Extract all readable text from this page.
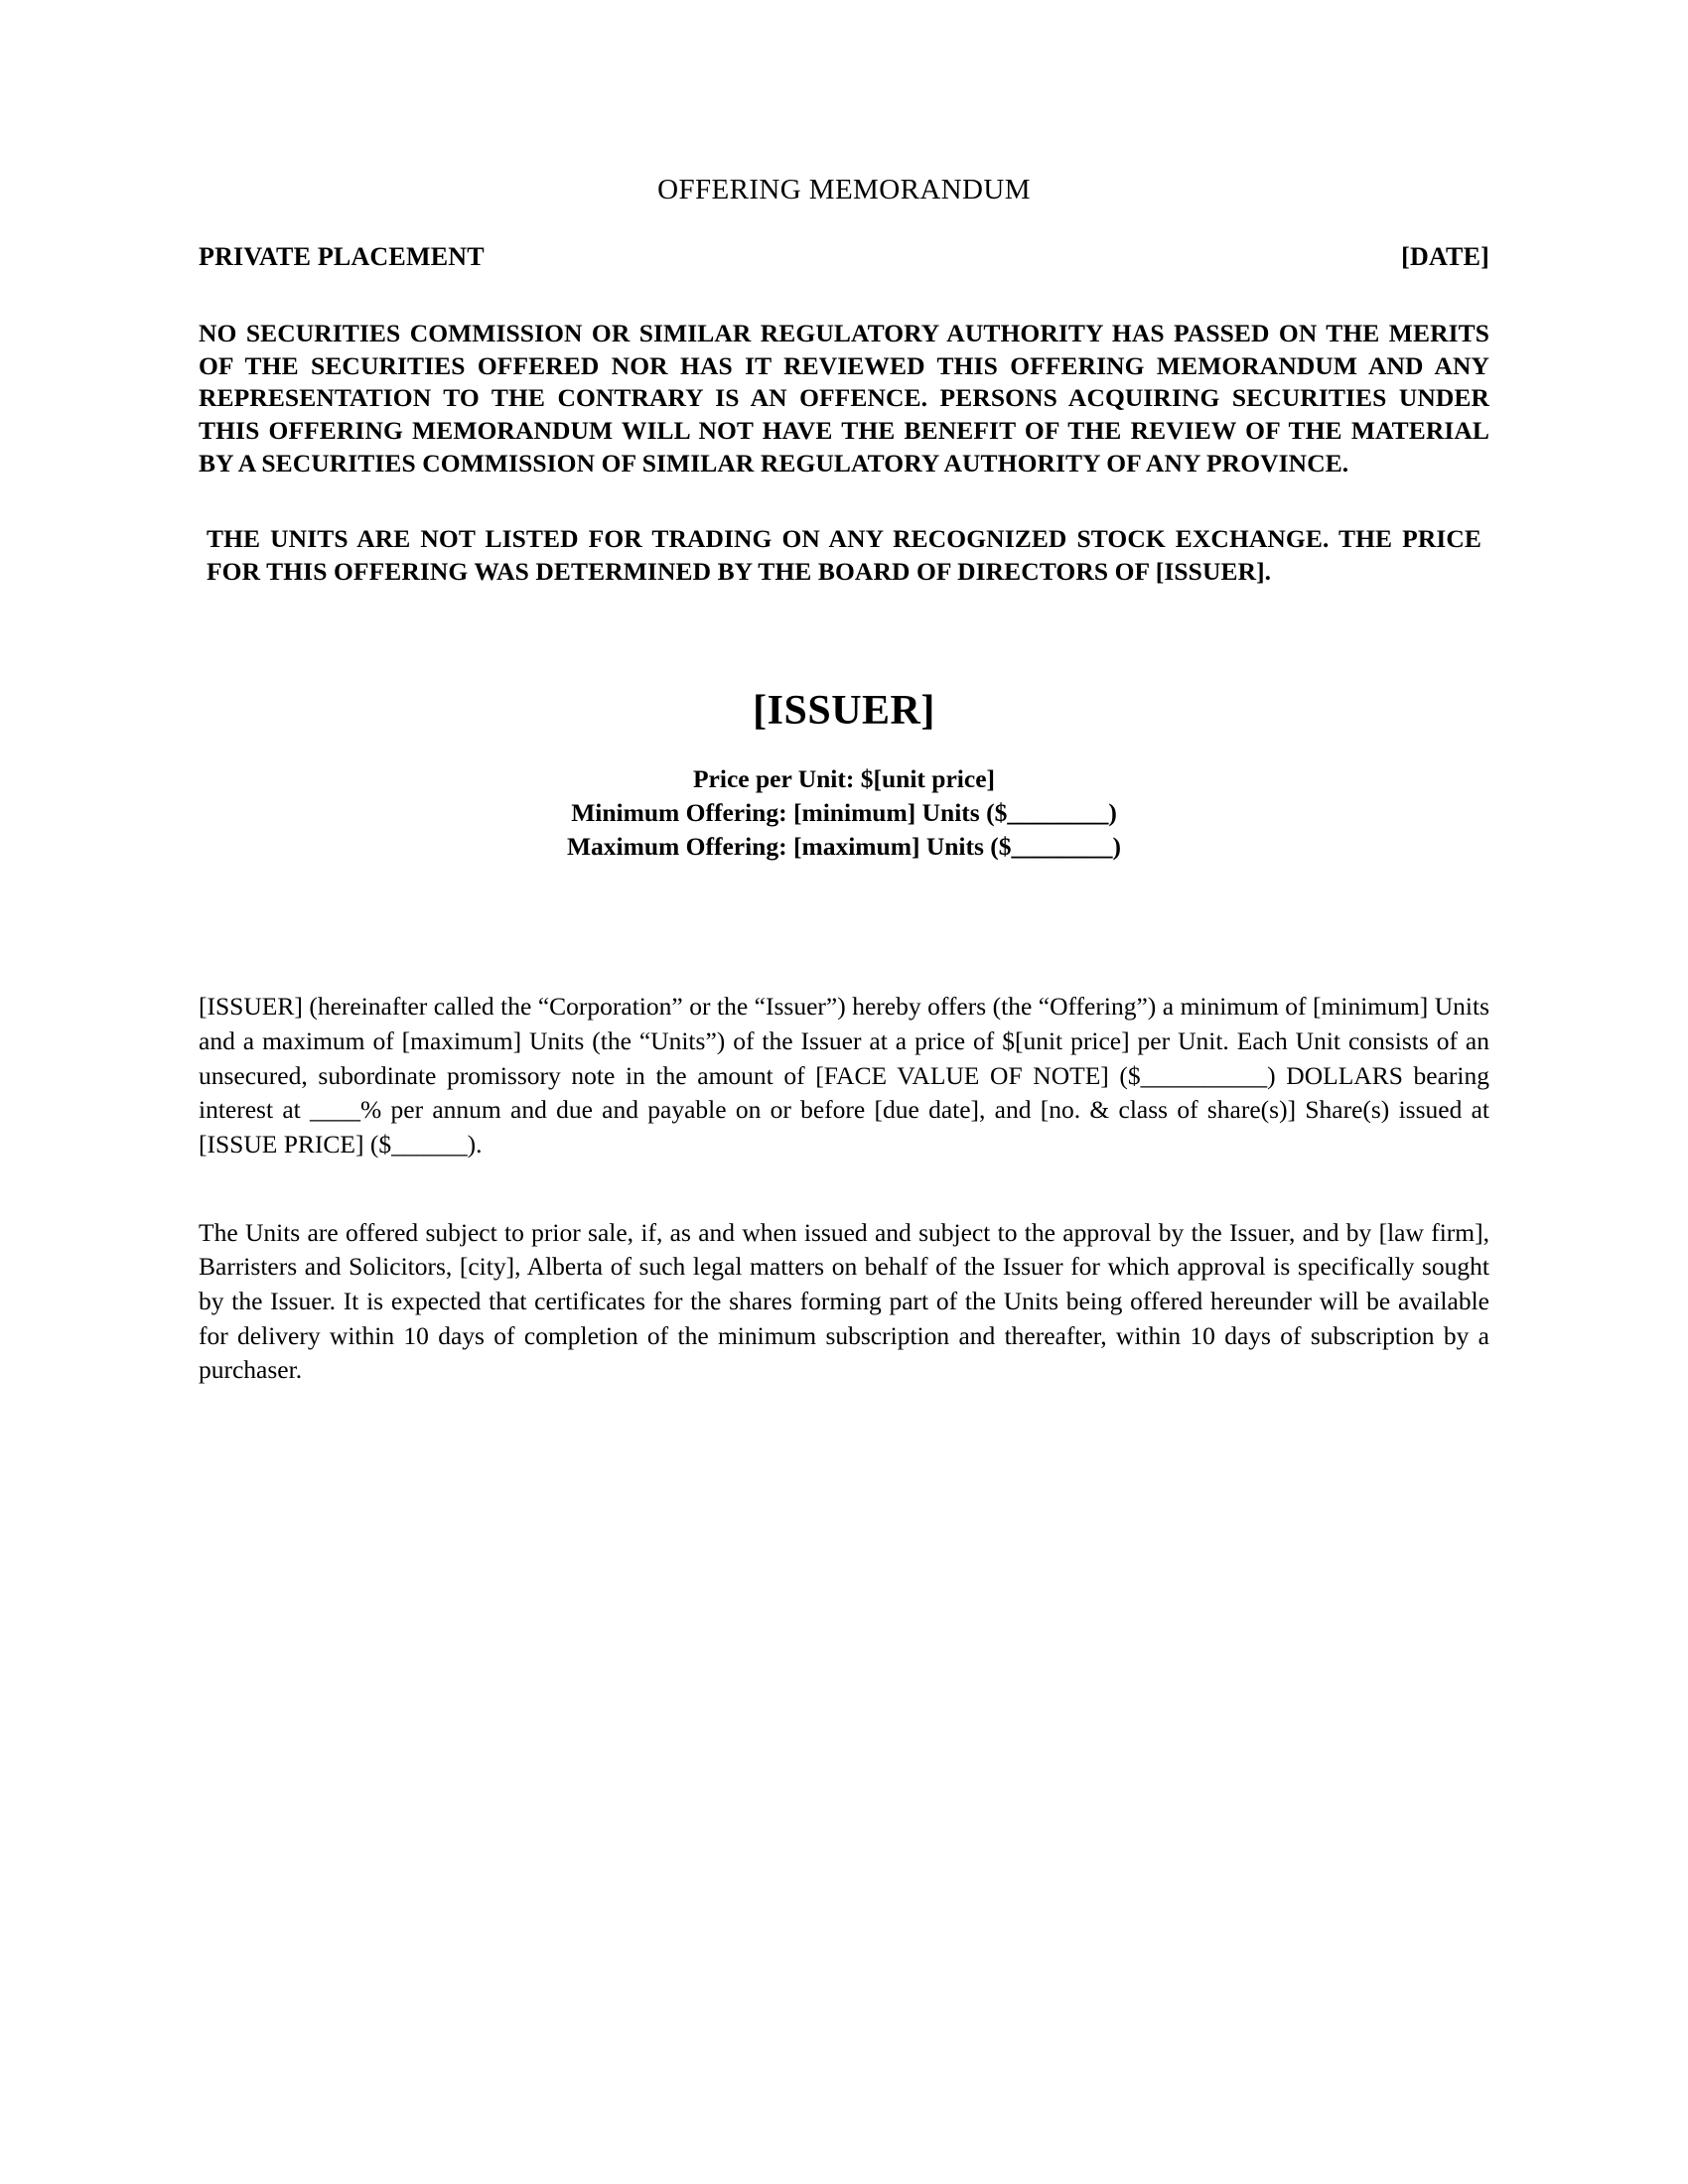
OFFERING MEMORANDUM
PRIVATE PLACEMENT	[DATE]
NO SECURITIES COMMISSION OR SIMILAR REGULATORY AUTHORITY HAS PASSED ON THE MERITS OF THE SECURITIES OFFERED NOR HAS IT REVIEWED THIS OFFERING MEMORANDUM AND ANY REPRESENTATION TO THE CONTRARY IS AN OFFENCE. PERSONS ACQUIRING SECURITIES UNDER THIS OFFERING MEMORANDUM WILL NOT HAVE THE BENEFIT OF THE REVIEW OF THE MATERIAL BY A SECURITIES COMMISSION OF SIMILAR REGULATORY AUTHORITY OF ANY PROVINCE.
THE UNITS ARE NOT LISTED FOR TRADING ON ANY RECOGNIZED STOCK EXCHANGE. THE PRICE FOR THIS OFFERING WAS DETERMINED BY THE BOARD OF DIRECTORS OF [ISSUER].
[ISSUER]
Price per Unit: $[unit price]
Minimum Offering: [minimum] Units ($________)
Maximum Offering: [maximum] Units ($________)
[ISSUER] (hereinafter called the “Corporation” or the “Issuer”) hereby offers (the “Offering”) a minimum of [minimum] Units and a maximum of [maximum] Units (the “Units”) of the Issuer at a price of $[unit price] per Unit. Each Unit consists of an unsecured, subordinate promissory note in the amount of [FACE VALUE OF NOTE] ($__________) DOLLARS bearing interest at ____% per annum and due and payable on or before [due date], and [no. & class of share(s)] Share(s) issued at [ISSUE PRICE] ($______).
The Units are offered subject to prior sale, if, as and when issued and subject to the approval by the Issuer, and by [law firm], Barristers and Solicitors, [city], Alberta of such legal matters on behalf of the Issuer for which approval is specifically sought by the Issuer. It is expected that certificates for the shares forming part of the Units being offered hereunder will be available for delivery within 10 days of completion of the minimum subscription and thereafter, within 10 days of subscription by a purchaser.
